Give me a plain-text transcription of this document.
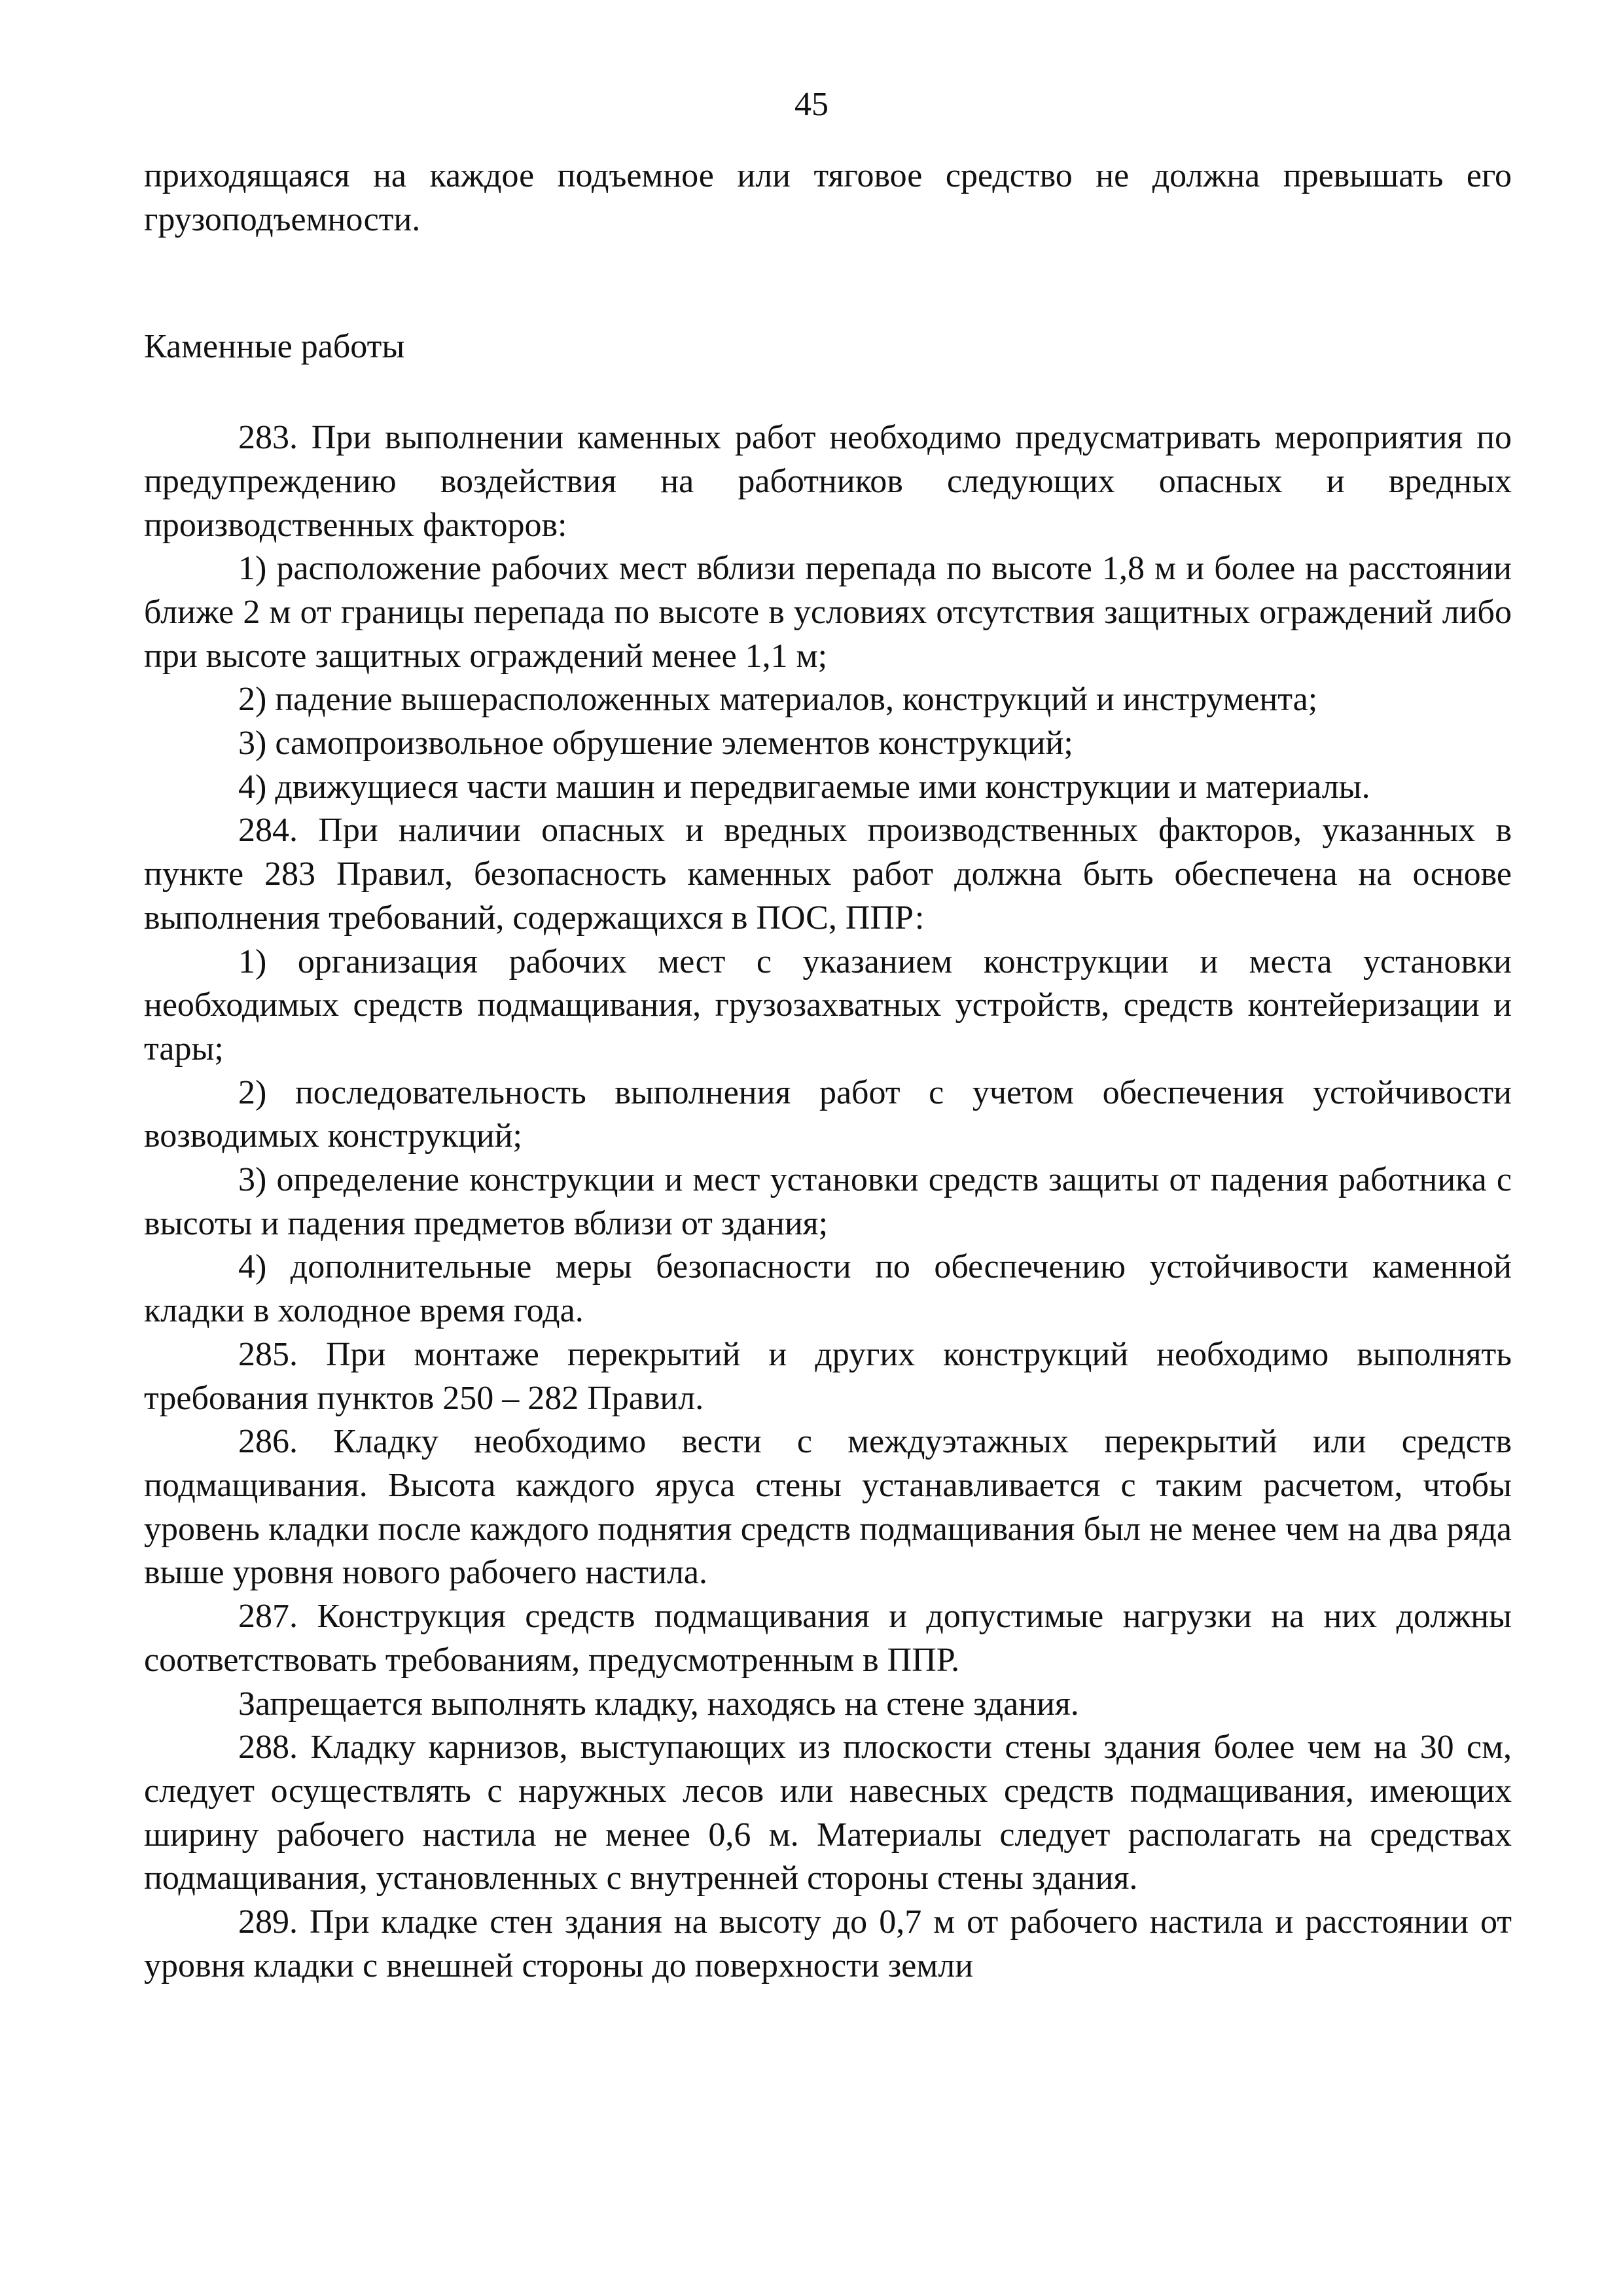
45

приходящаяся на каждое подъемное или тяговое средство не должна превышать его грузоподъемности.

Каменные работы

283. При выполнении каменных работ необходимо предусматривать мероприятия по предупреждению воздействия на работников следующих опасных и вредных производственных факторов:

1) расположение рабочих мест вблизи перепада по высоте 1,8 м и более на расстоянии ближе 2 м от границы перепада по высоте в условиях отсутствия защитных ограждений либо при высоте защитных ограждений менее 1,1 м;

2) падение вышерасположенных материалов, конструкций и инструмента;

3) самопроизвольное обрушение элементов конструкций;

4) движущиеся части машин и передвигаемые ими конструкции и материалы.

284. При наличии опасных и вредных производственных факторов, указанных в пункте 283 Правил, безопасность каменных работ должна быть обеспечена на основе выполнения требований, содержащихся в ПОС, ППР:

1) организация рабочих мест с указанием конструкции и места установки необходимых средств подмащивания, грузозахватных устройств, средств контейеризации и тары;

2) последовательность выполнения работ с учетом обеспечения устойчивости возводимых конструкций;

3) определение конструкции и мест установки средств защиты от падения работника с высоты и падения предметов вблизи от здания;

4) дополнительные меры безопасности по обеспечению устойчивости каменной кладки в холодное время года.

285. При монтаже перекрытий и других конструкций необходимо выполнять требования пунктов 250 – 282 Правил.

286. Кладку необходимо вести с междуэтажных перекрытий или средств подмащивания. Высота каждого яруса стены устанавливается с таким расчетом, чтобы уровень кладки после каждого поднятия средств подмащивания был не менее чем на два ряда выше уровня нового рабочего настила.

287. Конструкция средств подмащивания и допустимые нагрузки на них должны соответствовать требованиям, предусмотренным в ППР.

Запрещается выполнять кладку, находясь на стене здания.

288. Кладку карнизов, выступающих из плоскости стены здания более чем на 30 см, следует осуществлять с наружных лесов или навесных средств подмащивания, имеющих ширину рабочего настила не менее 0,6 м. Материалы следует располагать на средствах подмащивания, установленных с внутренней стороны стены здания.

289. При кладке стен здания на высоту до 0,7 м от рабочего настила и расстоянии от уровня кладки с внешней стороны до поверхности земли
